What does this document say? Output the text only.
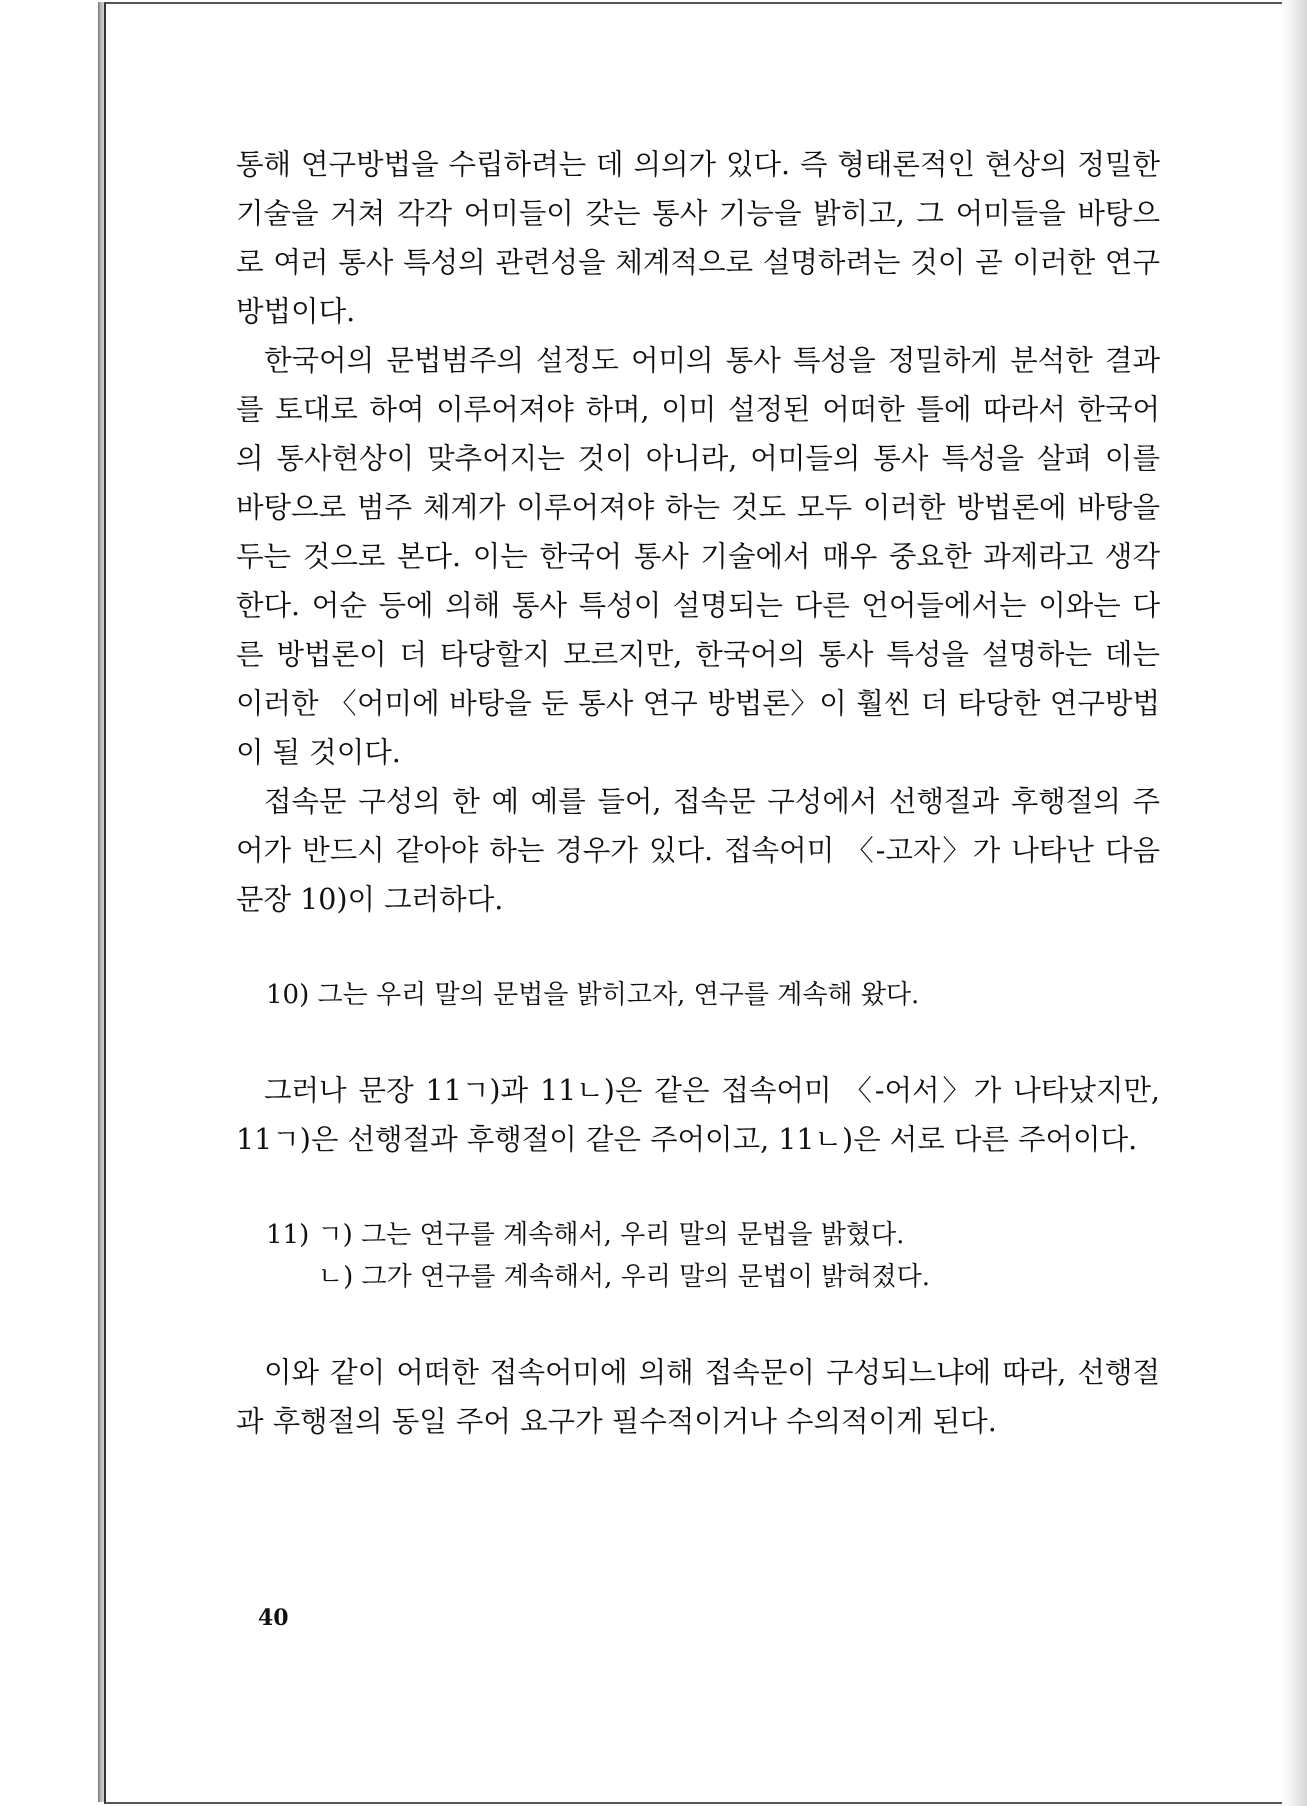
통해 연구방법을 수립하려는 데 의의가 있다. 즉 형태론적인 현상의 정밀한 기술을 거쳐 각각 어미들이 갖는 통사 기능을 밝히고, 그 어미들을 바탕으로 여러 통사 특성의 관련성을 체계적으로 설명하려는 것이 곧 이러한 연구방법이다.

한국어의 문법범주의 설정도 어미의 통사 특성을 정밀하게 분석한 결과를 토대로 하여 이루어져야 하며, 이미 설정된 어떠한 틀에 따라서 한국어의 통사현상이 맞추어지는 것이 아니라, 어미들의 통사 특성을 살펴 이를 바탕으로 범주 체계가 이루어져야 하는 것도 모두 이러한 방법론에 바탕을 두는 것으로 본다. 이는 한국어 통사 기술에서 매우 중요한 과제라고 생각한다. 어순 등에 의해 통사 특성이 설명되는 다른 언어들에서는 이와는 다른 방법론이 더 타당할지 모르지만, 한국어의 통사 특성을 설명하는 데는 이러한 〈어미에 바탕을 둔 통사 연구 방법론〉이 훨씬 더 타당한 연구방법이 될 것이다.

접속문 구성의 한 예 예를 들어, 접속문 구성에서 선행절과 후행절의 주어가 반드시 같아야 하는 경우가 있다. 접속어미 〈-고자〉가 나타난 다음 문장 10)이 그러하다.

10) 그는 우리 말의 문법을 밝히고자, 연구를 계속해 왔다.

그러나 문장 11ㄱ)과 11ㄴ)은 같은 접속어미 〈-어서〉가 나타났지만, 11ㄱ)은 선행절과 후행절이 같은 주어이고, 11ㄴ)은 서로 다른 주어이다.

11) ㄱ) 그는 연구를 계속해서, 우리 말의 문법을 밝혔다.
ㄴ) 그가 연구를 계속해서, 우리 말의 문법이 밝혀졌다.

이와 같이 어떠한 접속어미에 의해 접속문이 구성되느냐에 따라, 선행절과 후행절의 동일 주어 요구가 필수적이거나 수의적이게 된다.

40
